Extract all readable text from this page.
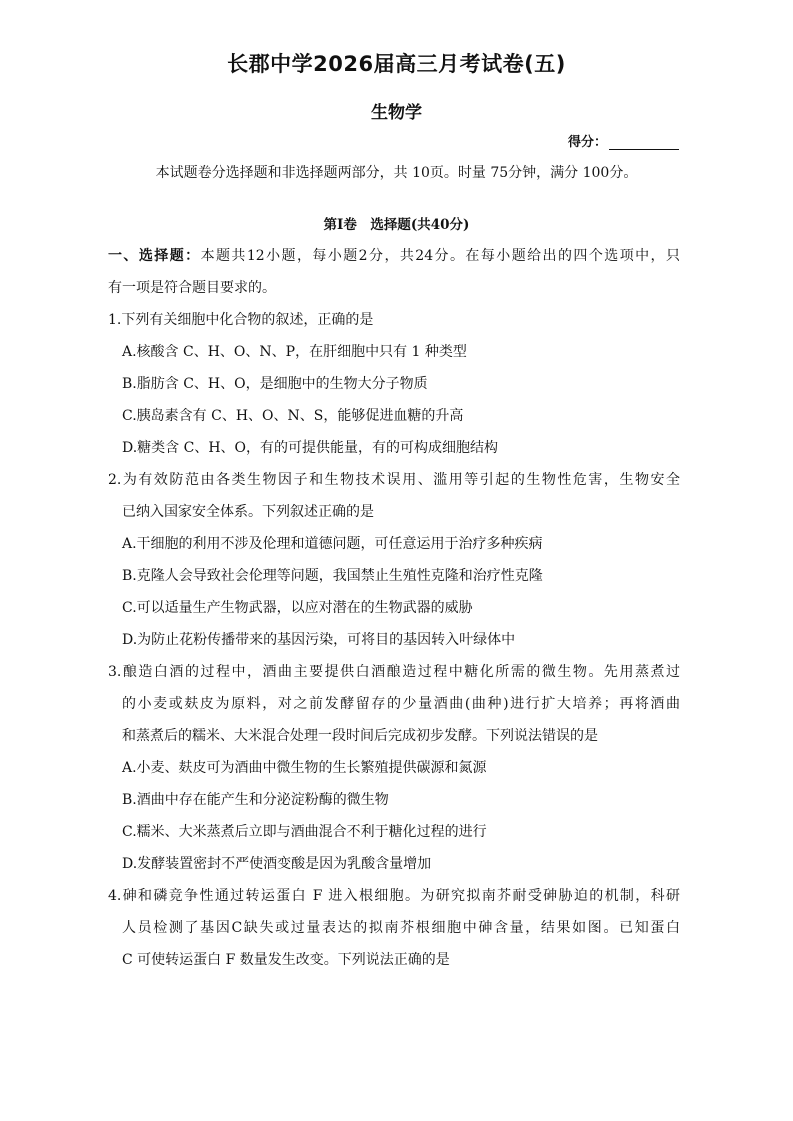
长郡中学2026届高三月考试卷(五)
生物学
得分：
本试题卷分选择题和非选择题两部分，共 10页。时量 75分钟，满分 100分。
第Ⅰ卷　选择题(共40分)
一、选择题：本题共12小题，每小题2分，共24分。在每小题给出的四个选项中，只
有一项是符合题目要求的。
1.下列有关细胞中化合物的叙述，正确的是
A.核酸含 C、H、O、N、P，在肝细胞中只有 1 种类型
B.脂肪含 C、H、O，是细胞中的生物大分子物质
C.胰岛素含有 C、H、O、N、S，能够促进血糖的升高
D.糖类含 C、H、O，有的可提供能量，有的可构成细胞结构
2.为有效防范由各类生物因子和生物技术误用、滥用等引起的生物性危害，生物安全
已纳入国家安全体系。下列叙述正确的是
A.干细胞的利用不涉及伦理和道德问题，可任意运用于治疗多种疾病
B.克隆人会导致社会伦理等问题，我国禁止生殖性克隆和治疗性克隆
C.可以适量生产生物武器，以应对潜在的生物武器的威胁
D.为防止花粉传播带来的基因污染，可将目的基因转入叶绿体中
3.酿造白酒的过程中，酒曲主要提供白酒酿造过程中糖化所需的微生物。先用蒸煮过
的小麦或麸皮为原料，对之前发酵留存的少量酒曲(曲种)进行扩大培养；再将酒曲
和蒸煮后的糯米、大米混合处理一段时间后完成初步发酵。下列说法错误的是
A.小麦、麸皮可为酒曲中微生物的生长繁殖提供碳源和氮源
B.酒曲中存在能产生和分泌淀粉酶的微生物
C.糯米、大米蒸煮后立即与酒曲混合不利于糖化过程的进行
D.发酵装置密封不严使酒变酸是因为乳酸含量增加
4.砷和磷竞争性通过转运蛋白 F 进入根细胞。为研究拟南芥耐受砷胁迫的机制，科研
人员检测了基因C缺失或过量表达的拟南芥根细胞中砷含量，结果如图。已知蛋白
C 可使转运蛋白 F 数量发生改变。下列说法正确的是
